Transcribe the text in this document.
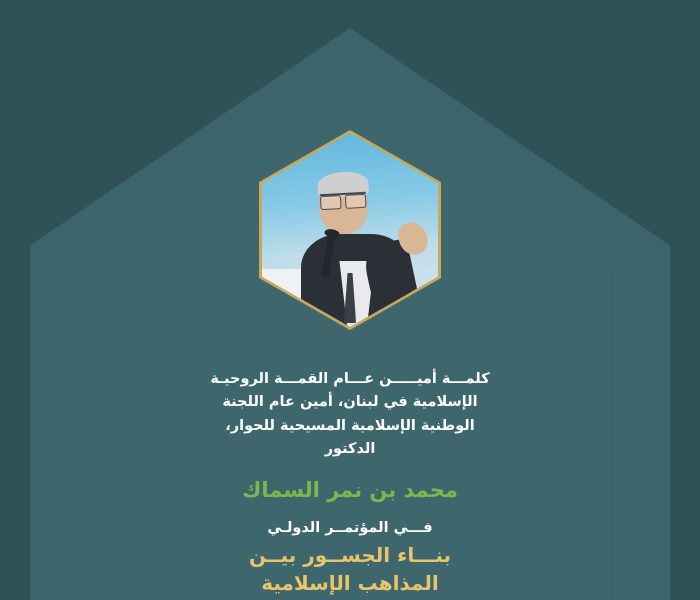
كلمـــة أميـــــن عـــام القمـــة الروحيـة
الإسلامية في لبنان، أمين عام اللجنة
الوطنية الإسلامية المسيحية للحوار،
الدكتور

محمد بن نمر السماك

فـــي المؤتمــر الدولـي

بنـــاء الجســور بيــن
المذاهب الإسلامية
